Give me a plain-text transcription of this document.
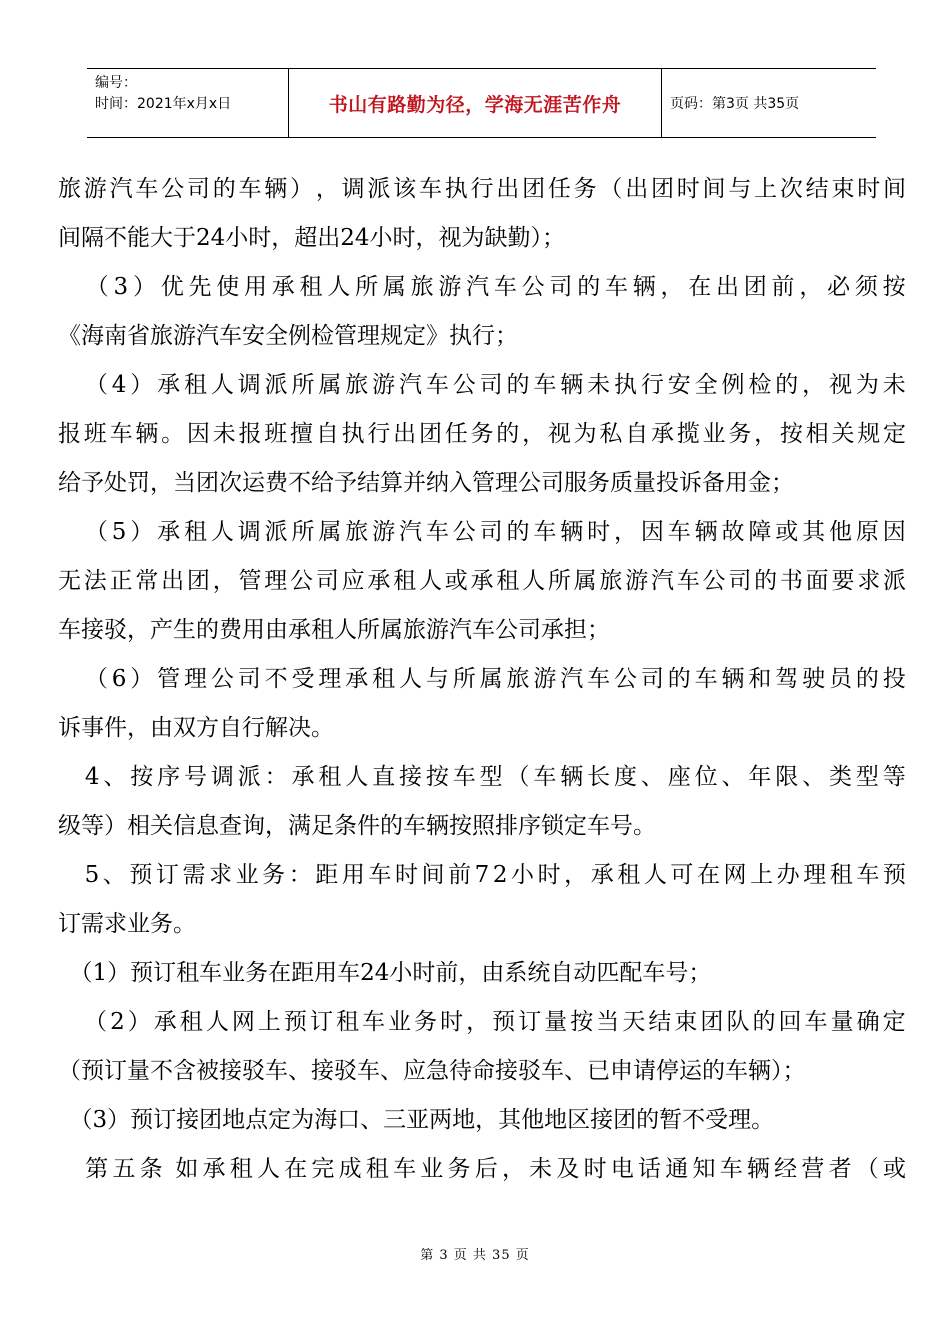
编号：
时间：2021年x月x日	书山有路勤为径，学海无涯苦作舟	页码：第3页 共35页
旅 游 汽 车 公 司 的 车 辆 ） ， 调 派 该 车 执 行 出 团 任 务 （ 出 团 时 间 与 上 次 结 束 时 间
间隔不能大于24小时，超出24小时，视为缺勤）；

（ 3 ） 优 先 使 用 承 租 人 所 属 旅 游 汽 车 公 司 的 车 辆 ， 在 出 团 前 ， 必 须 按
《海南省旅游汽车安全例检管理规定》执行；

（ 4 ） 承 租 人 调 派 所 属 旅 游 汽 车 公 司 的 车 辆 未 执 行 安 全 例 检 的 ， 视 为 未
报 班 车 辆 。 因 未 报 班 擅 自 执 行 出 团 任 务 的 ， 视 为 私 自 承 揽 业 务 ， 按 相 关 规 定
给予处罚，当团次运费不给予结算并纳入管理公司服务质量投诉备用金；

（ 5 ） 承 租 人 调 派 所 属 旅 游 汽 车 公 司 的 车 辆 时 ， 因 车 辆 故 障 或 其 他 原 因
无 法 正 常 出 团 ， 管 理 公 司 应 承 租 人 或 承 租 人 所 属 旅 游 汽 车 公 司 的 书 面 要 求 派
车接驳，产生的费用由承租人所属旅游汽车公司承担；

（ 6 ） 管 理 公 司 不 受 理 承 租 人 与 所 属 旅 游 汽 车 公 司 的 车 辆 和 驾 驶 员 的 投
诉事件，由双方自行解决。

4 、 按 序 号 调 派 ： 承 租 人 直 接 按 车 型 （ 车 辆 长 度 、 座 位 、 年 限 、 类 型 等
级等）相关信息查询，满足条件的车辆按照排序锁定车号。

5 、 预 订 需 求 业 务 ： 距 用 车 时 间 前 7 2 小 时 ， 承 租 人 可 在 网 上 办 理 租 车 预
订需求业务。
　（1）预订租车业务在距用车24小时前，由系统自动匹配车号；

（ 2 ） 承 租 人 网 上 预 订 租 车 业 务 时 ， 预 订 量 按 当 天 结 束 团 队 的 回 车 量 确 定
（预订量不含被接驳车、接驳车、应急待命接驳车、已申请停运的车辆）；
　（3）预订接团地点定为海口、三亚两地，其他地区接团的暂不受理。

第 五 条 如 承 租 人 在 完 成 租 车 业 务 后 ， 未 及 时 电 话 通 知 车 辆 经 营 者 （ 或
第 3 页 共 35 页
